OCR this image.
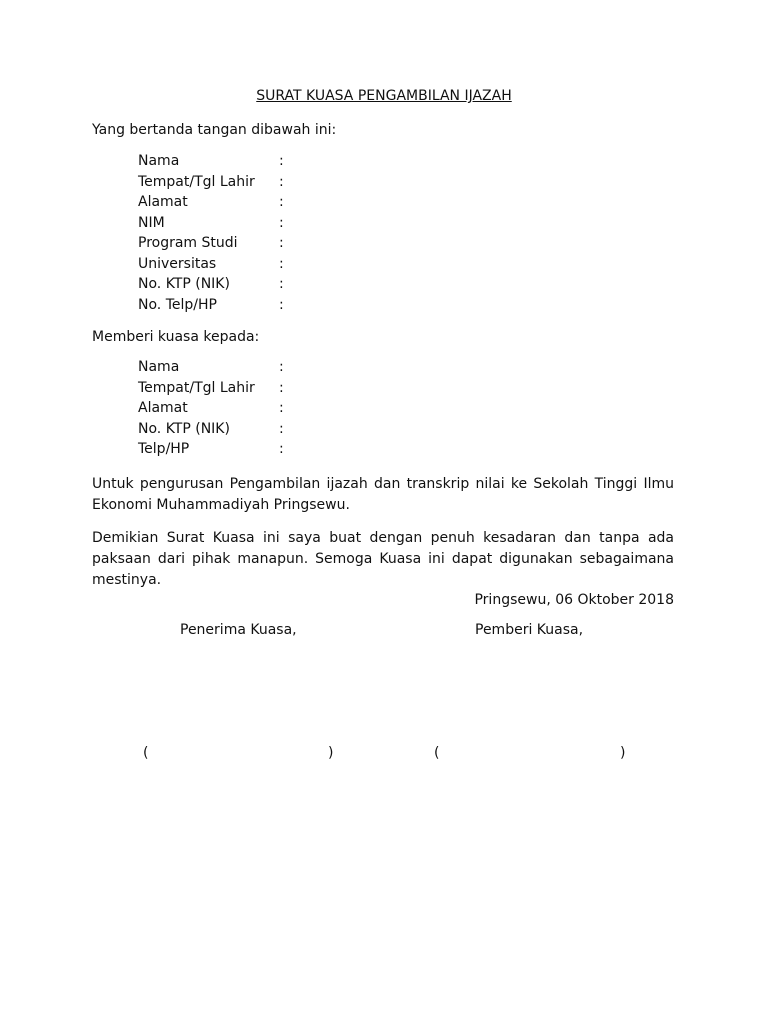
SURAT KUASA PENGAMBILAN IJAZAH
Yang bertanda tangan dibawah ini:
Nama	:
Tempat/Tgl Lahir :
Alamat	:
NIM	:
Program Studi	:
Universitas	:
No. KTP (NIK)	:
No. Telp/HP	:
Memberi kuasa kepada:
Nama	:
Tempat/Tgl Lahir :
Alamat	:
No. KTP (NIK)	:
Telp/HP	:
Untuk pengurusan Pengambilan ijazah dan transkrip nilai ke Sekolah Tinggi Ilmu Ekonomi Muhammadiyah Pringsewu.
Demikian Surat Kuasa ini saya buat dengan penuh kesadaran dan tanpa ada paksaan dari pihak manapun. Semoga Kuasa ini dapat digunakan sebagaimana mestinya.
Pringsewu, 06 Oktober 2018
Penerima Kuasa,	Pemberi Kuasa,
(	)	(	)
